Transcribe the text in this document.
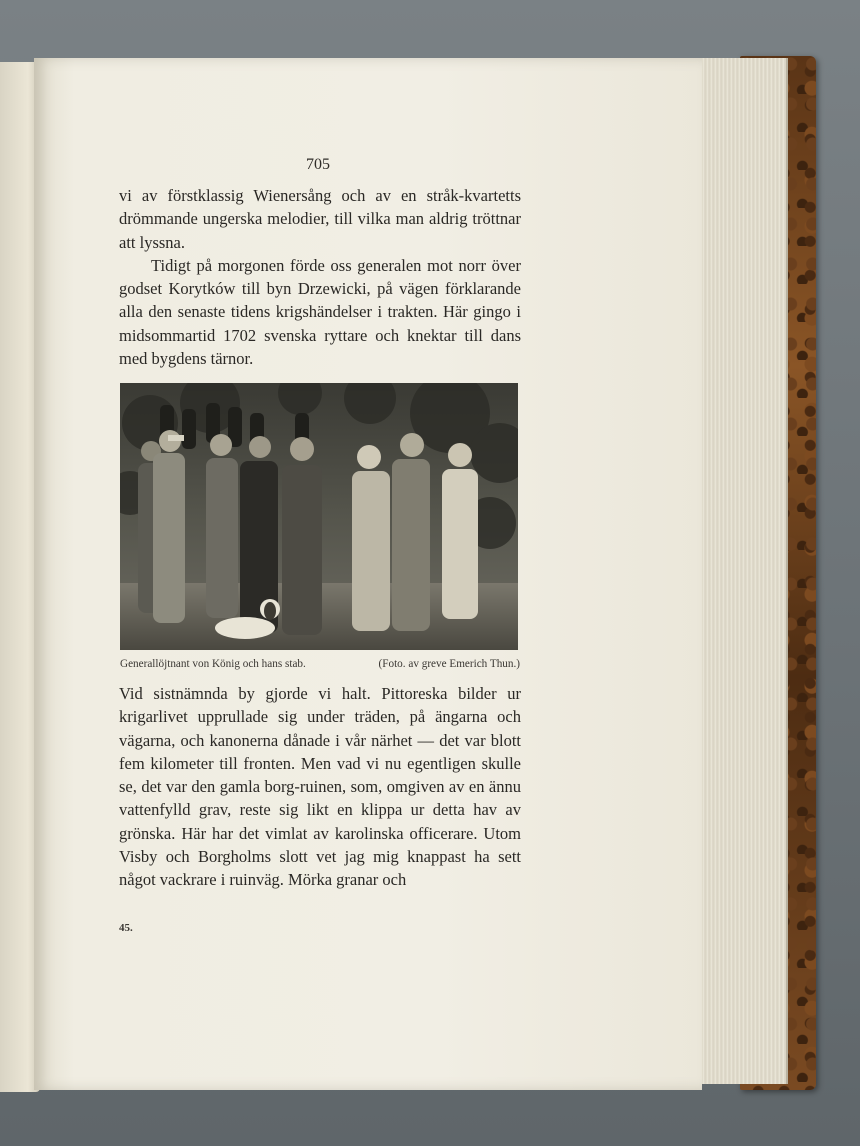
705

vi av förstklassig Wienersång och av en stråk-kvartetts drömmande ungerska melodier, till vilka man aldrig tröttnar att lyssna.

Tidigt på morgonen förde oss generalen mot norr över godset Korytków till byn Drzewicki, på vägen förklarande alla den senaste tidens krigshändelser i trakten. Här gingo i midsommartid 1702 svenska ryttare och knektar till dans med bygdens tärnor.

Generallöjtnant von König och hans stab.	(Foto. av greve Emerich Thun.)

Vid sistnämnda by gjorde vi halt. Pittoreska bilder ur krigarlivet upprullade sig under träden, på ängarna och vägarna, och kanonerna dånade i vår närhet — det var blott fem kilometer till fronten. Men vad vi nu egentligen skulle se, det var den gamla borg-ruinen, som, omgiven av en ännu vattenfylld grav, reste sig likt en klippa ur detta hav av grönska. Här har det vimlat av karolinska officerare. Utom Visby och Borgholms slott vet jag mig knappast ha sett något vackrare i ruinväg. Mörka granar och

45.
